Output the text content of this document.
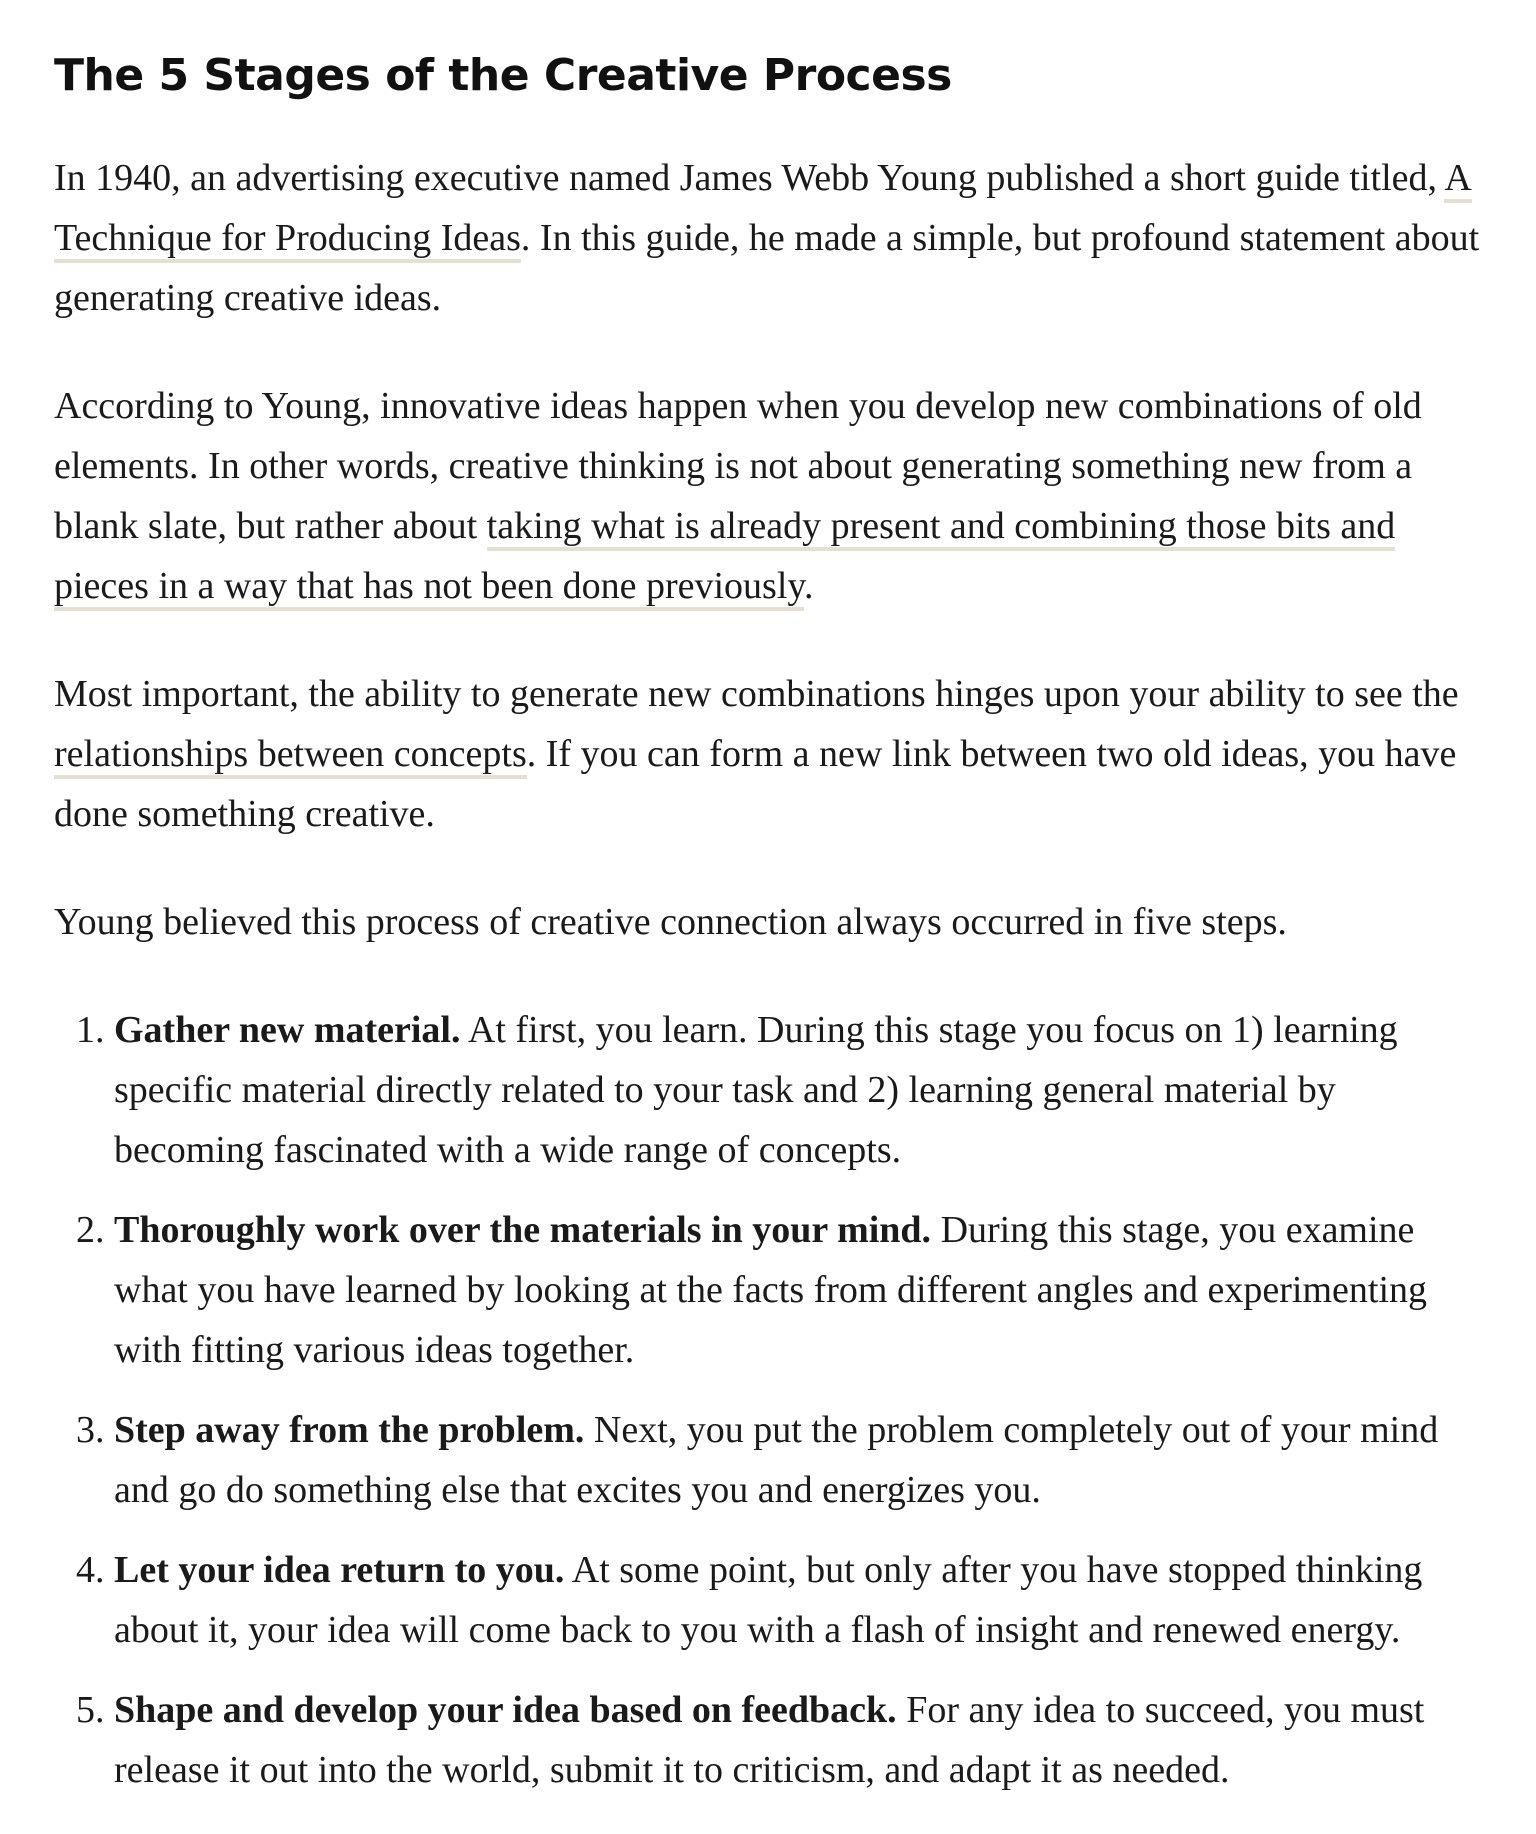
The 5 Stages of the Creative Process

In 1940, an advertising executive named James Webb Young published a short guide titled, A Technique for Producing Ideas. In this guide, he made a simple, but profound statement about generating creative ideas.

According to Young, innovative ideas happen when you develop new combinations of old elements. In other words, creative thinking is not about generating something new from a blank slate, but rather about taking what is already present and combining those bits and pieces in a way that has not been done previously.

Most important, the ability to generate new combinations hinges upon your ability to see the relationships between concepts. If you can form a new link between two old ideas, you have done something creative.

Young believed this process of creative connection always occurred in five steps.

1. Gather new material. At first, you learn. During this stage you focus on 1) learning specific material directly related to your task and 2) learning general material by becoming fascinated with a wide range of concepts.
2. Thoroughly work over the materials in your mind. During this stage, you examine what you have learned by looking at the facts from different angles and experimenting with fitting various ideas together.
3. Step away from the problem. Next, you put the problem completely out of your mind and go do something else that excites you and energizes you.
4. Let your idea return to you. At some point, but only after you have stopped thinking about it, your idea will come back to you with a flash of insight and renewed energy.
5. Shape and develop your idea based on feedback. For any idea to succeed, you must release it out into the world, submit it to criticism, and adapt it as needed.
